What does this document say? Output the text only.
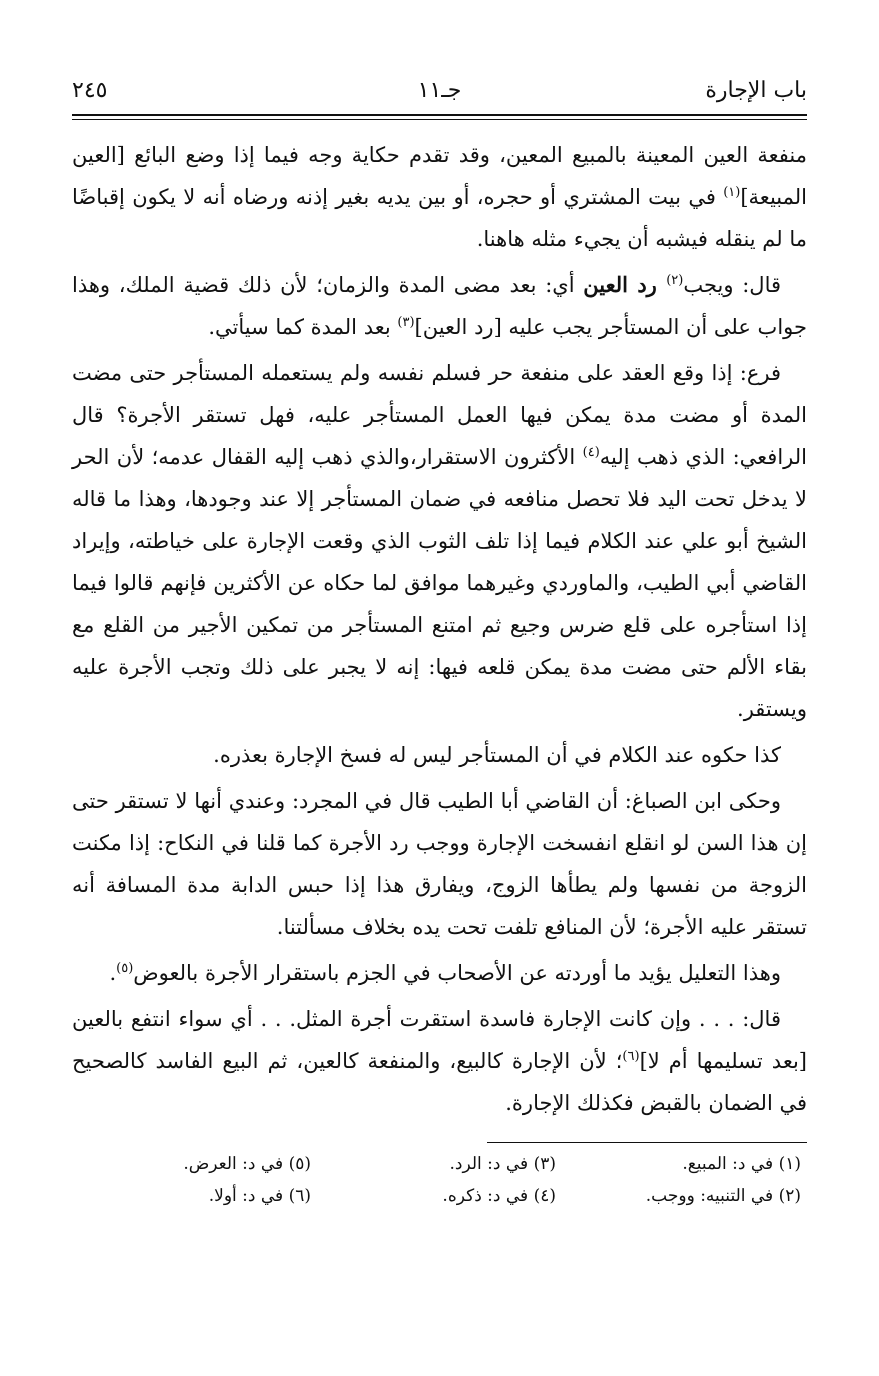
باب الإجارة
جـ١١
٢٤٥

منفعة العين المعينة بالمبيع المعين، وقد تقدم حكاية وجه فيما إذا وضع البائع [العين المبيعة]$^{(١)}$ في بيت المشتري أو حجره، أو بين يديه بغير إذنه ورضاه أنه لا يكون إقباضًا ما لم ينقله فيشبه أن يجيء مثله هاهنا.

قال: ويجب$^{(٢)}$ رد العين أي: بعد مضى المدة والزمان؛ لأن ذلك قضية الملك، وهذا جواب على أن المستأجر يجب عليه [رد العين]$^{(٣)}$ بعد المدة كما سيأتي.

فرع: إذا وقع العقد على منفعة حر فسلم نفسه ولم يستعمله المستأجر حتى مضت المدة أو مضت مدة يمكن فيها العمل المستأجر عليه، فهل تستقر الأجرة؟ قال الرافعي: الذي ذهب إليه$^{(٤)}$ الأكثرون الاستقرار،والذي ذهب إليه القفال عدمه؛ لأن الحر لا يدخل تحت اليد فلا تحصل منافعه في ضمان المستأجر إلا عند وجودها، وهذا ما قاله الشيخ أبو علي عند الكلام فيما إذا تلف الثوب الذي وقعت الإجارة على خياطته، وإيراد القاضي أبي الطيب، والماوردي وغيرهما موافق لما حكاه عن الأكثرين فإنهم قالوا فيما إذا استأجره على قلع ضرس وجيع ثم امتنع المستأجر من تمكين الأجير من القلع مع بقاء الألم حتى مضت مدة يمكن قلعه فيها: إنه لا يجبر على ذلك وتجب الأجرة عليه ويستقر.

كذا حكوه عند الكلام في أن المستأجر ليس له فسخ الإجارة بعذره.

وحكى ابن الصباغ: أن القاضي أبا الطيب قال في المجرد: وعندي أنها لا تستقر حتى إن هذا السن لو انقلع انفسخت الإجارة ووجب رد الأجرة كما قلنا في النكاح: إذا مكنت الزوجة من نفسها ولم يطأها الزوج، ويفارق هذا إذا حبس الدابة مدة المسافة أنه تستقر عليه الأجرة؛ لأن المنافع تلفت تحت يده بخلاف مسألتنا.

وهذا التعليل يؤيد ما أوردته عن الأصحاب في الجزم باستقرار الأجرة بالعوض$^{(٥)}$.

قال: . . . وإن كانت الإجارة فاسدة استقرت أجرة المثل. . . أي سواء انتفع بالعين [بعد تسليمها أم لا]$^{(٦)}$؛ لأن الإجارة كالبيع، والمنفعة كالعين، ثم البيع الفاسد كالصحيح في الضمان بالقبض فكذلك الإجارة.

(١) في د: المبيع.
(٣) في د: الرد.
(٥) في د: العرض.
(٢) في التنبيه: ووجب.
(٤) في د: ذكره.
(٦) في د: أولا.
